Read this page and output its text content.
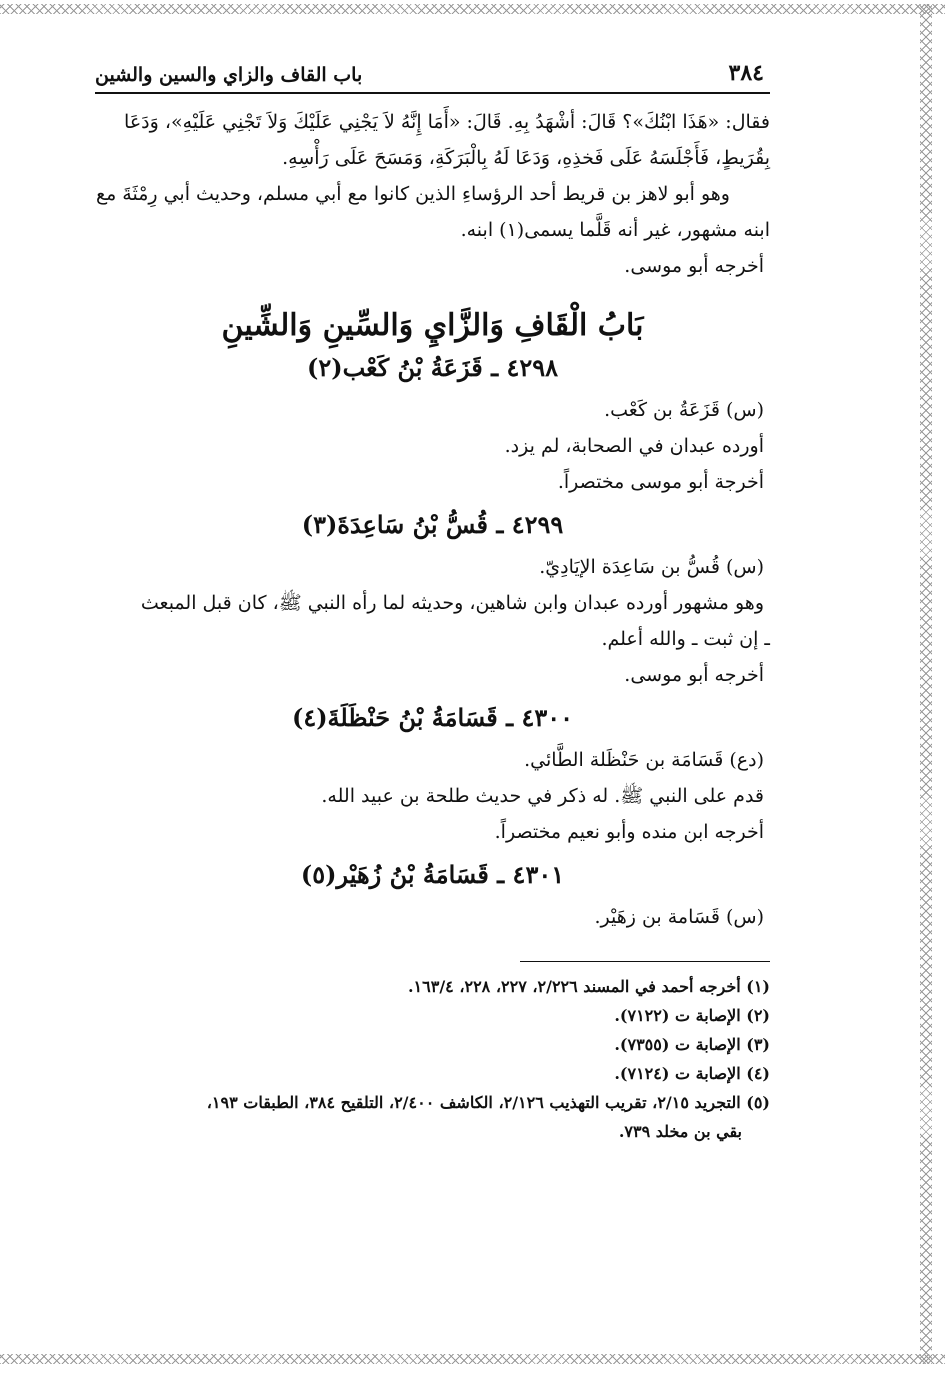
٣٨٤
باب القاف والزاي والسين والشين

فقال: «هَذَا ابْنُكَ»؟ قَالَ: أشْهَدُ بِهِ. قَالَ: «أَمَا إِنَّهُ لاَ يَجْنِي عَلَيْكَ وَلاَ تَجْنِي عَلَيْهِ»، وَدَعَا

بِقُرَيطٍ، فَأَجْلَسَهُ عَلَى فَخذِهِ، وَدَعَا لَهُ بِالْبَرَكَةِ، وَمَسَحَ عَلَى رَأْسِهِ.

وهو أبو لاهز بن قريط أحد الرؤساءِ الذين كانوا مع أبي مسلم، وحديث أبي رِمْثَةَ مع

ابنه مشهور، غير أنه قَلَّما يسمى(١) ابنه.

أخرجه أبو موسى.

بَابُ الْقَافِ وَالزَّايِ وَالسِّينِ وَالشِّينِ
٤٢٩٨ ـ قَزَعَةُ بْنُ كَعْب(٢)

(س) قَزَعَةُ بن كَعْب.

أورده عبدان في الصحابة، لم يزد.

أخرجة أبو موسى مختصراً.

٤٢٩٩ ـ قُسُّ بْنُ سَاعِدَةَ(٣)

(س) قُسُّ بن سَاعِدَة الإيَادِيّ.

وهو مشهور أورده عبدان وابن شاهين، وحديثه لما رأه النبي ﷺ، كان قبل المبعث

ـ إن ثبت ـ والله أعلم.

أخرجه أبو موسى.

٤٣٠٠ ـ قَسَامَةُ بْنُ حَنْظَلَةَ(٤)

(دع) قَسَامَة بن حَنْظَلة الطَّائي.

قدم على النبي ﷺ. له ذكر في حديث طلحة بن عبيد الله.

أخرجه ابن منده وأبو نعيم مختصراً.

٤٣٠١ ـ قَسَامَةُ بْنُ زُهَيْر(٥)

(س) قَسَامة بن زهَيْر.

(١) أخرجه أحمد في المسند ٢/٢٢٦، ٢٢٧، ٢٢٨، ١٦٣/٤.

(٢) الإصابة ت (٧١٢٢).

(٣) الإصابة ت (٧٣٥٥).

(٤) الإصابة ت (٧١٢٤).

(٥) التجريد ٢/١٥، تقريب التهذيب ٢/١٢٦، الكاشف ٢/٤٠٠، التلقيح ٣٨٤، الطبقات ١٩٣،

بقي بن مخلد ٧٣٩.
